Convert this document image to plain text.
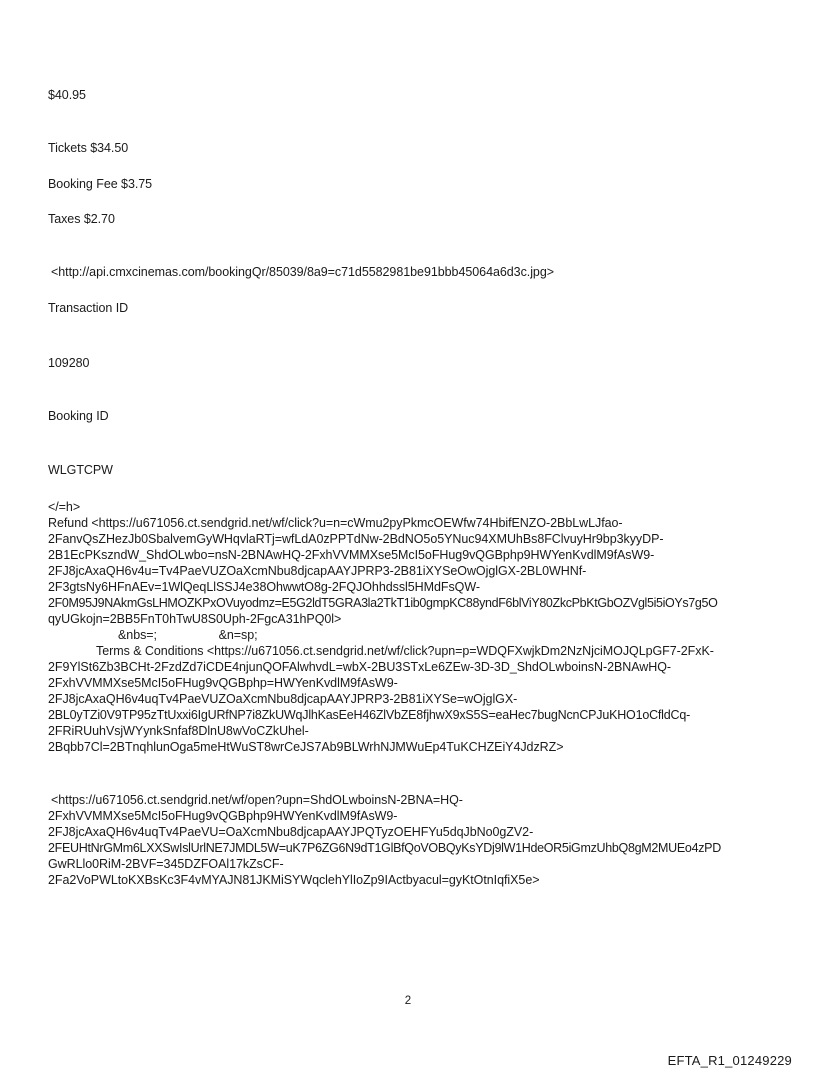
$40.95
Tickets $34.50
Booking Fee $3.75
Taxes $2.70
<http://api.cmxcinemas.com/bookingQr/85039/8a9=c71d5582981be91bbb45064a6d3c.jpg>
Transaction ID
109280
Booking ID
WLGTCPW
</=h>
Refund <https://u671056.ct.sendgrid.net/wf/click?u=n=cWmu2pyPkmcOEWfw74HbifENZO-2BbLwLJfao-
2FanvQsZHezJb0SbalvemGyWHqvlaRTj=wfLdA0zPPTdNw-2BdNO5o5YNuc94XMUhBs8FClvuyHr9bp3kyyDP-
2B1EcPKszndW_ShdOLwbo=nsN-2BNAwHQ-2FxhVVMMXse5McI5oFHug9vQGBphp9HWYenKvdlM9fAsW9-
2FJ8jcAxaQH6v4u=Tv4PaeVUZOaXcmNbu8djcapAAYJPRP3-2B81iXYSeOwOjglGX-2BL0WHNf-
2F3gtsNy6HFnAEv=1WlQeqLlSSJ4e38OhwwtO8g-2FQJOhhdssl5HMdFsQW-
2F0M95J9NAkmGsLHMOZKPxOVuyodmz=E5G2ldT5GRA3la2TkT1ib0gmpKC88yndF6blViY80ZkcPbKtGbOZVgl5i5iOYs7g5O
qyUGkojn=2BB5FnT0hTwU8S0Uph-2FgcA31hPQ0l>
&nbs=;                  &n=sp;
Terms & Conditions <https://u671056.ct.sendgrid.net/wf/click?upn=p=WDQFXwjkDm2NzNjciMOJQLpGF7-2FxK-
2F9YlSt6Zb3BCHt-2FzdZd7iCDE4njunQOFAlwhvdL=wbX-2BU3STxLe6ZEw-3D-3D_ShdOLwboinsN-2BNAwHQ-
2FxhVVMMXse5McI5oFHug9vQGBphp=HWYenKvdlM9fAsW9-
2FJ8jcAxaQH6v4uqTv4PaeVUZOaXcmNbu8djcapAAYJPRP3-2B81iXYSe=wOjglGX-
2BL0yTZi0V9TP95zTtUxxi6IgURfNP7i8ZkUWqJlhKasEeH46ZlVbZE8fjhwX9xS5S=eaHec7bugNcnCPJuKHO1oCfldCq-
2FRiRUuhVsjWYynkSnfaf8DlnU8wVoCZkUhel-
2Bqbb7Cl=2BTnqhlunOga5meHtWuST8wrCeJS7Ab9BLWrhNJMWuEp4TuKCHZEiY4JdzRZ>
<https://u671056.ct.sendgrid.net/wf/open?upn=ShdOLwboinsN-2BNA=HQ-
2FxhVVMMXse5McI5oFHug9vQGBphp9HWYenKvdlM9fAsW9-
2FJ8jcAxaQH6v4uqTv4PaeVU=OaXcmNbu8djcapAAYJPQTyzOEHFYu5dqJbNo0gZV2-
2FEUHtNrGMm6LXXSwIslUrlNE7JMDL5W=uK7P6ZG6N9dT1GlBfQoVOBQyKsYDj9lW1HdeOR5iGmzUhbQ8gM2MUEo4zPD
GwRLlo0RiM-2BVF=345DZFOAl17kZsCF-
2Fa2VoPWLtoKXBsKc3F4vMYAJN81JKMiSYWqclehYlIoZp9IActbyacul=gyKtOtnIqfiX5e>
2
EFTA_R1_01249229
